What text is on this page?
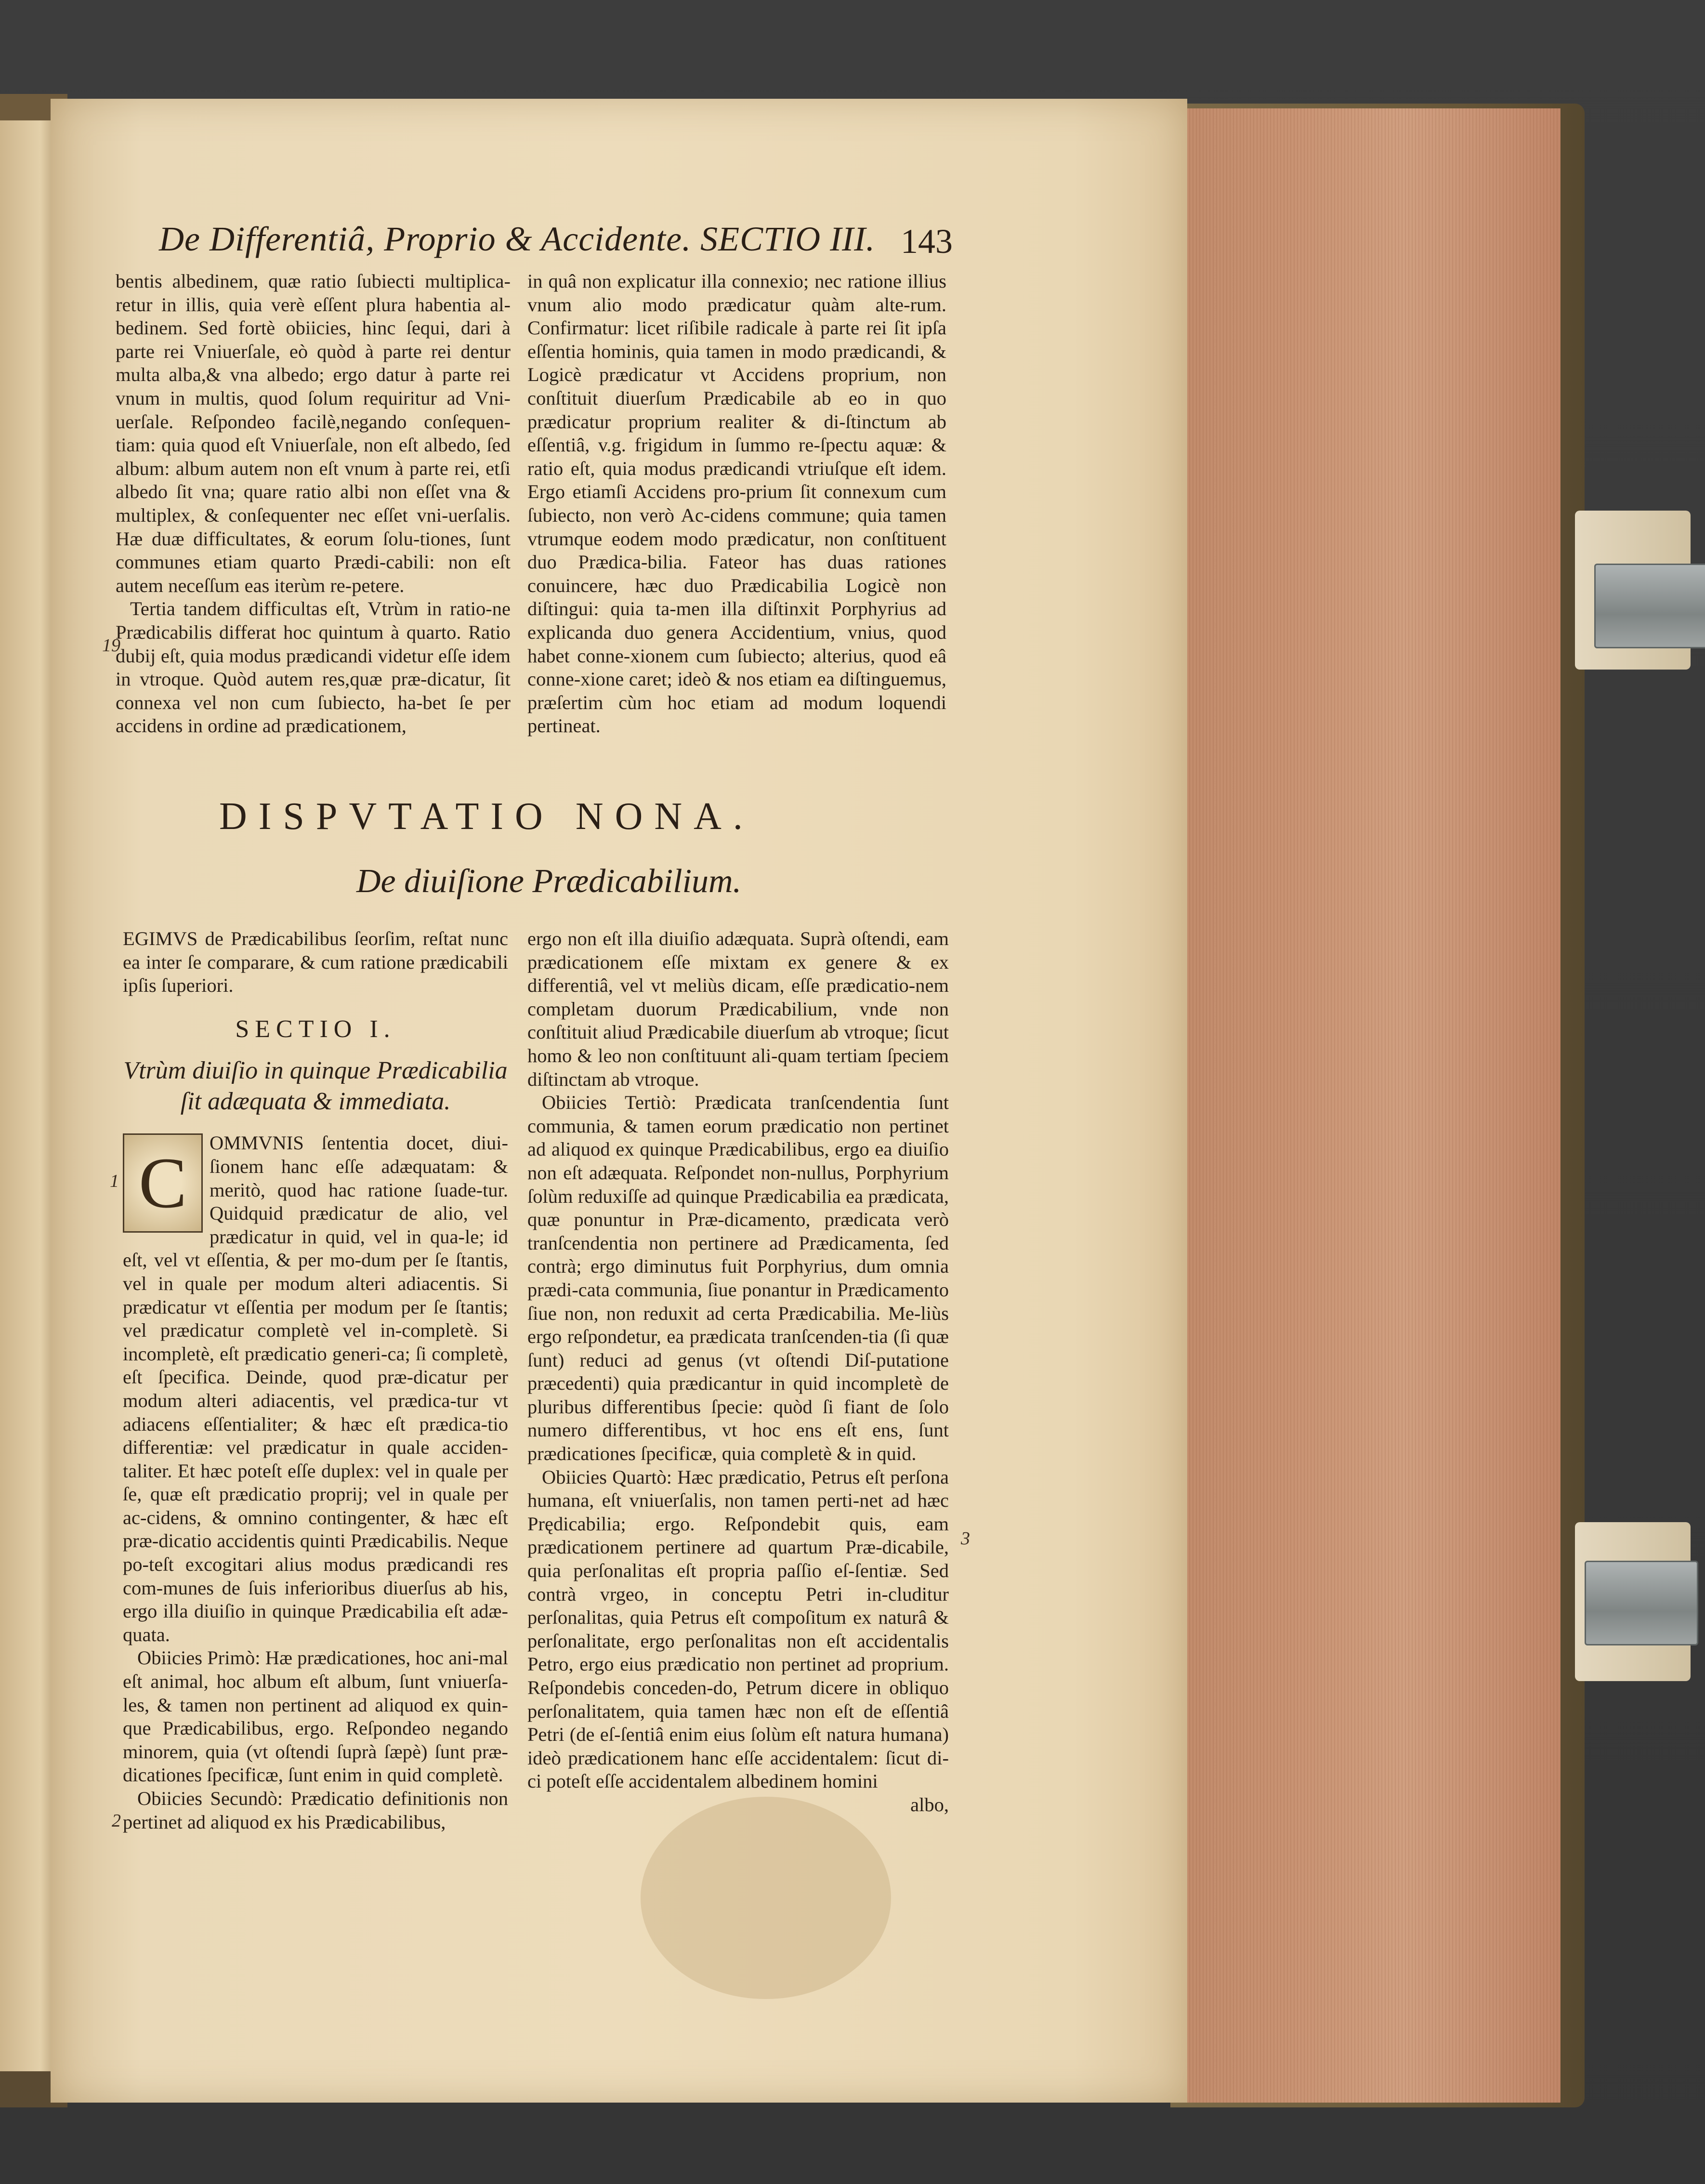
De Differentiâ, Proprio & Accidente. SECTIO III. 143

bentis albedinem, quæ ratio ſubiecti multiplica-retur in illis, quia verè eſſent plura habentia al-bedinem. Sed fortè obiicies, hinc ſequi, dari à parte rei Vniuerſale, eò quòd à parte rei dentur multa alba,& vna albedo; ergo datur à parte rei vnum in multis, quod ſolum requiritur ad Vni-uerſale. Reſpondeo facilè,negando conſequen-tiam: quia quod eſt Vniuerſale, non eſt albedo, ſed album: album autem non eſt vnum à parte rei, etſi albedo ſit vna; quare ratio albi non eſſet vna & multiplex, & conſequenter nec eſſet vni-uerſalis. Hæ duæ difficultates, & eorum ſolu-tiones, ſunt communes etiam quarto Prædi-cabili: non eſt autem neceſſum eas iterùm re-petere.

Tertia tandem difficultas eſt, Vtrùm in ratio-ne Prædicabilis differat hoc quintum à quarto. Ratio dubij eſt, quia modus prædicandi videtur eſſe idem in vtroque. Quòd autem res,quæ præ-dicatur, ſit connexa vel non cum ſubiecto, ha-bet ſe per accidens in ordine ad prædicationem,

in quâ non explicatur illa connexio; nec ratione illius vnum alio modo prædicatur quàm alte-rum. Confirmatur: licet riſibile radicale à parte rei ſit ipſa eſſentia hominis, quia tamen in modo prædicandi, & Logicè prædicatur vt Accidens proprium, non conſtituit diuerſum Prædicabile ab eo in quo prædicatur proprium realiter & di-ſtinctum ab eſſentiâ, v.g. frigidum in ſummo re-ſpectu aquæ: & ratio eſt, quia modus prædicandi vtriuſque eſt idem. Ergo etiamſi Accidens pro-prium ſit connexum cum ſubiecto, non verò Ac-cidens commune; quia tamen vtrumque eodem modo prædicatur, non conſtituent duo Prædica-bilia. Fateor has duas rationes conuincere, hæc duo Prædicabilia Logicè non diſtingui: quia ta-men illa diſtinxit Porphyrius ad explicanda duo genera Accidentium, vnius, quod habet conne-xionem cum ſubiecto; alterius, quod eâ conne-xione caret; ideò & nos etiam ea diſtinguemus, præſertim cùm hoc etiam ad modum loquendi pertineat.

DISPVTATIO NONA.
De diuiſione Prædicabilium.

EGIMVS de Prædicabilibus ſeorſim, reſtat nunc ea inter ſe comparare, & cum ratione prædicabili ipſis ſuperiori.

SECTIO I.
Vtrùm diuiſio in quinque Prædicabilia ſit adæquata & immediata.
C

OMMVNIS ſententia docet, diui-ſionem hanc eſſe adæquatam: & meritò, quod hac ratione ſuade-tur. Quidquid prædicatur de alio, vel prædicatur in quid, vel in qua-le; id eſt, vel vt eſſentia, & per mo-dum per ſe ſtantis, vel in quale per modum alteri adiacentis. Si prædicatur vt eſſentia per modum per ſe ſtantis; vel prædicatur completè vel in-completè. Si incompletè, eſt prædicatio generi-ca; ſi completè, eſt ſpecifica. Deinde, quod præ-dicatur per modum alteri adiacentis, vel prædica-tur vt adiacens eſſentialiter; & hæc eſt prædica-tio differentiæ: vel prædicatur in quale acciden-taliter. Et hæc poteſt eſſe duplex: vel in quale per ſe, quæ eſt prædicatio proprij; vel in quale per ac-cidens, & omnino contingenter, & hæc eſt præ-dicatio accidentis quinti Prædicabilis. Neque po-teſt excogitari alius modus prædicandi res com-munes de ſuis inferioribus diuerſus ab his, ergo illa diuiſio in quinque Prædicabilia eſt adæ-quata.

Obiicies Primò: Hæ prædicationes, hoc ani-mal eſt animal, hoc album eſt album, ſunt vniuerſa-les, & tamen non pertinent ad aliquod ex quin-que Prædicabilibus, ergo. Reſpondeo negando minorem, quia (vt oſtendi ſuprà ſæpè) ſunt præ-dicationes ſpecificæ, ſunt enim in quid completè.

Obiicies Secundò: Prædicatio definitionis non pertinet ad aliquod ex his Prædicabilibus,

ergo non eſt illa diuiſio adæquata. Suprà oſtendi, eam prædicationem eſſe mixtam ex genere & ex differentiâ, vel vt meliùs dicam, eſſe prædicatio-nem completam duorum Prædicabilium, vnde non conſtituit aliud Prædicabile diuerſum ab vtroque; ſicut homo & leo non conſtituunt ali-quam tertiam ſpeciem diſtinctam ab vtroque.

Obiicies Tertiò: Prædicata tranſcendentia ſunt communia, & tamen eorum prædicatio non pertinet ad aliquod ex quinque Prædicabilibus, ergo ea diuiſio non eſt adæquata. Reſpondet non-nullus, Porphyrium ſolùm reduxiſſe ad quinque Prædicabilia ea prædicata, quæ ponuntur in Præ-dicamento, prædicata verò tranſcendentia non pertinere ad Prædicamenta, ſed contrà; ergo diminutus fuit Porphyrius, dum omnia prædi-cata communia, ſiue ponantur in Prædicamento ſiue non, non reduxit ad certa Prædicabilia. Me-liùs ergo reſpondetur, ea prædicata tranſcenden-tia (ſi quæ ſunt) reduci ad genus (vt oſtendi Diſ-putatione præcedenti) quia prædicantur in quid incompletè de pluribus differentibus ſpecie: quòd ſi fiant de ſolo numero differentibus, vt hoc ens eſt ens, ſunt prædicationes ſpecificæ, quia completè & in quid.

Obiicies Quartò: Hæc prædicatio, Petrus eſt perſona humana, eſt vniuerſalis, non tamen perti-net ad hæc Prędicabilia; ergo. Reſpondebit quis, eam prædicationem pertinere ad quartum Præ-dicabile, quia perſonalitas eſt propria paſſio eſ-ſentiæ. Sed contrà vrgeo, in conceptu Petri in-cluditur perſonalitas, quia Petrus eſt compoſitum ex naturâ & perſonalitate, ergo perſonalitas non eſt accidentalis Petro, ergo eius prædicatio non pertinet ad proprium. Reſpondebis conceden-do, Petrum dicere in obliquo perſonalitatem, quia tamen hæc non eſt de eſſentiâ Petri (de eſ-ſentiâ enim eius ſolùm eſt natura humana) ideò prædicationem hanc eſſe accidentalem: ſicut di-ci poteſt eſſe accidentalem albedinem homini

albo,

19
1
2
3
